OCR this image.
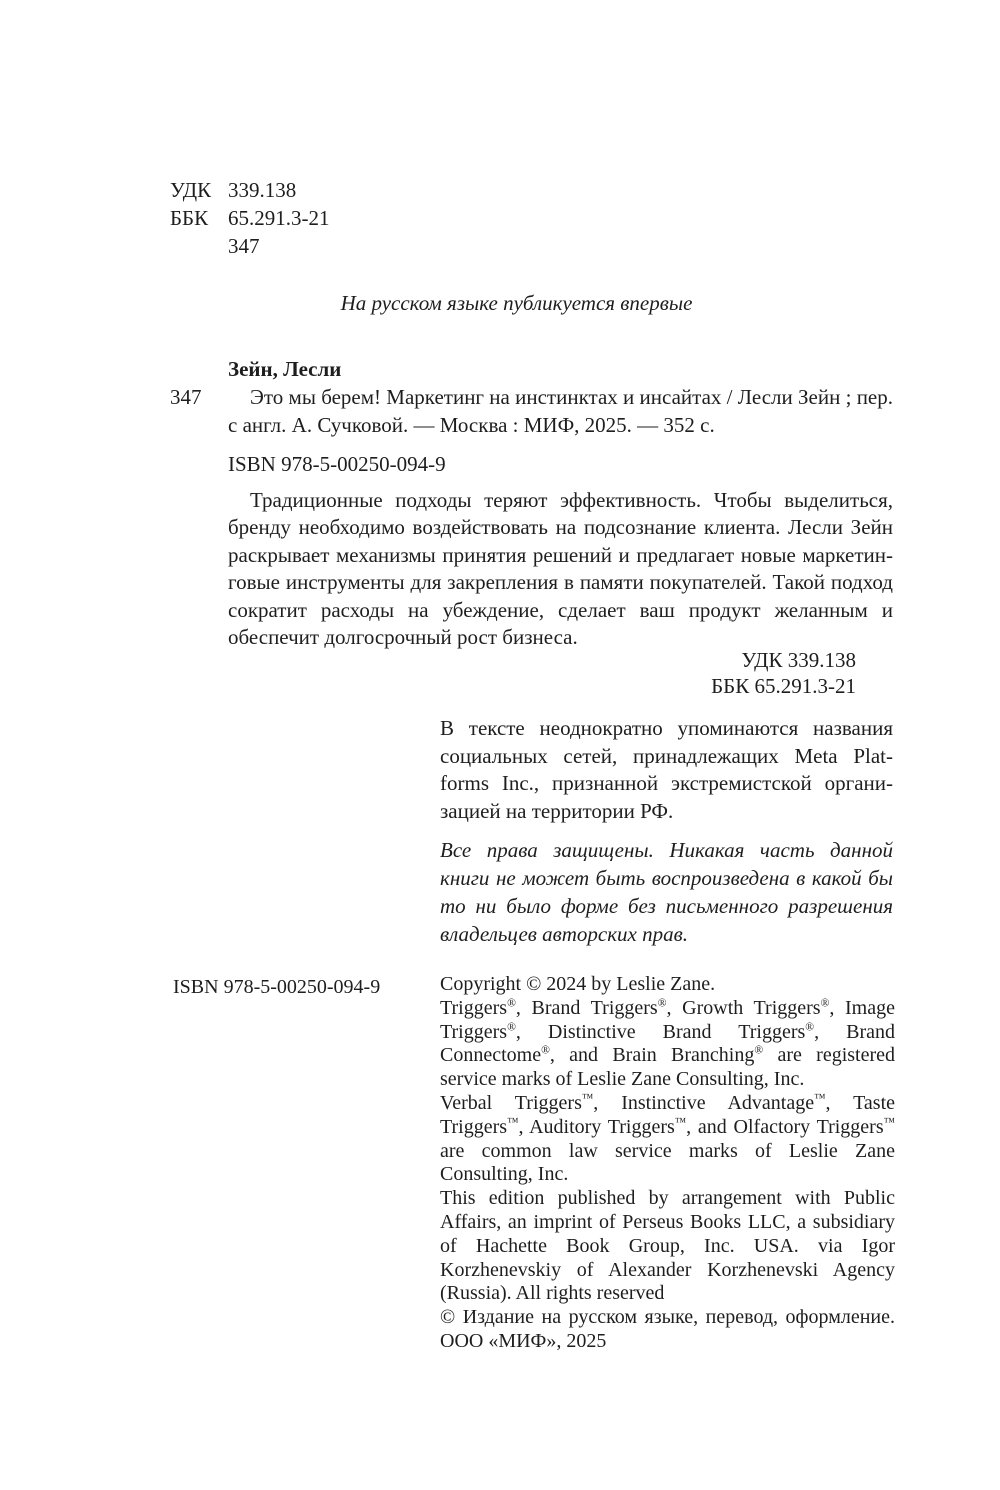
УДК 339.138
ББК 65.291.3-21
347
На русском языке публикуется впервые
Зейн, Лесли
347	Это мы берем! Маркетинг на инстинктах и инсайтах / Лесли Зейн ; пер. с англ. А. Сучковой. — Москва : МИФ, 2025. — 352 с.

ISBN 978-5-00250-094-9

Традиционные подходы теряют эффективность. Чтобы выделиться, бренду необходимо воздействовать на подсознание клиента. Лесли Зейн раскрывает механизмы принятия решений и предлагает новые маркетинговые инструменты для закрепления в памяти покупателей. Такой подход сократит расходы на убеждение, сделает ваш продукт желанным и обеспечит долгосрочный рост бизнеса.

УДК 339.138
ББК 65.291.3-21

В тексте неоднократно упоминаются названия социальных сетей, принадлежащих Meta Platforms Inc., признанной экстремистской организацией на территории РФ.

Все права защищены. Никакая часть данной книги не может быть воспроизведена в какой бы то ни было форме без письменного разрешения владельцев авторских прав.

ISBN 978-5-00250-094-9	Copyright © 2024 by Leslie Zane.

Triggers®, Brand Triggers®, Growth Triggers®, Image Triggers®, Distinctive Brand Triggers®, Brand Connectome®, and Brain Branching® are registered service marks of Leslie Zane Consulting, Inc.

Verbal Triggers™, Instinctive Advantage™, Taste Triggers™, Auditory Triggers™, and Olfactory Triggers™ are common law service marks of Leslie Zane Consulting, Inc.

This edition published by arrangement with Public Affairs, an imprint of Perseus Books LLC, a subsidiary of Hachette Book Group, Inc. USA. via Igor Korzhenevskiy of Alexander Korzhenevski Agency (Russia). All rights reserved

© Издание на русском языке, перевод, оформление. ООО «МИФ», 2025
